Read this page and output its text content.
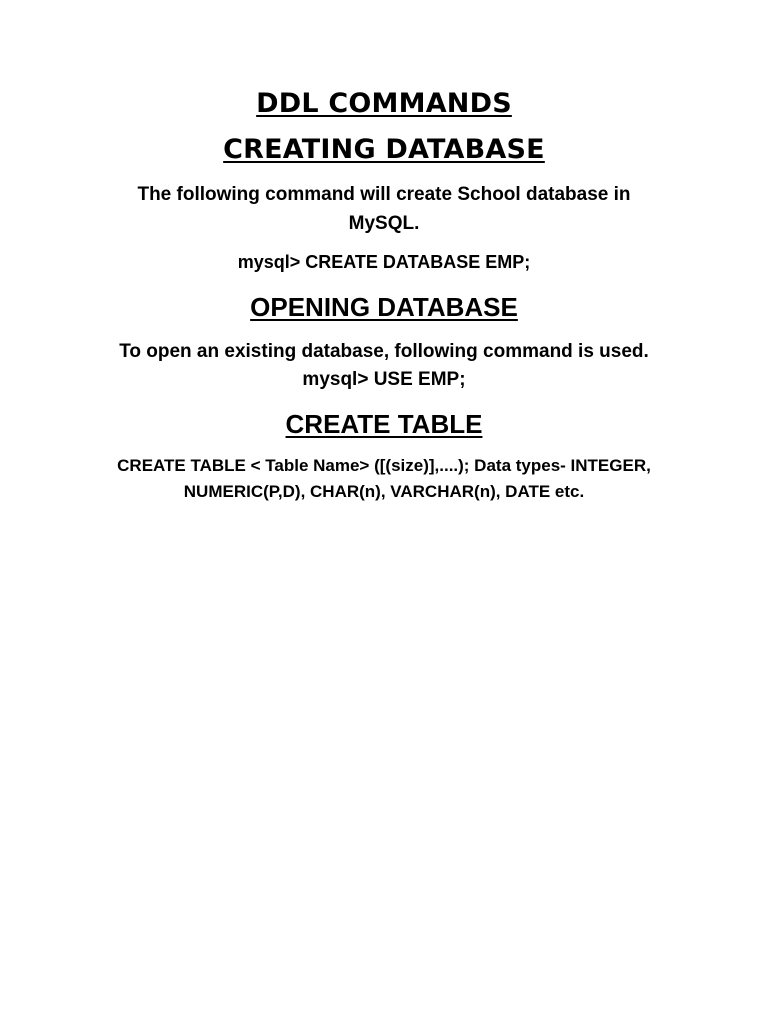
DDL COMMANDS
CREATING DATABASE

The following command will create School database in MySQL.

mysql> CREATE DATABASE EMP;

OPENING DATABASE

To open an existing database, following command is used.

mysql> USE EMP;

CREATE TABLE

CREATE TABLE < Table Name> ([(size)],....); Data types- INTEGER, NUMERIC(P,D), CHAR(n), VARCHAR(n), DATE etc.
